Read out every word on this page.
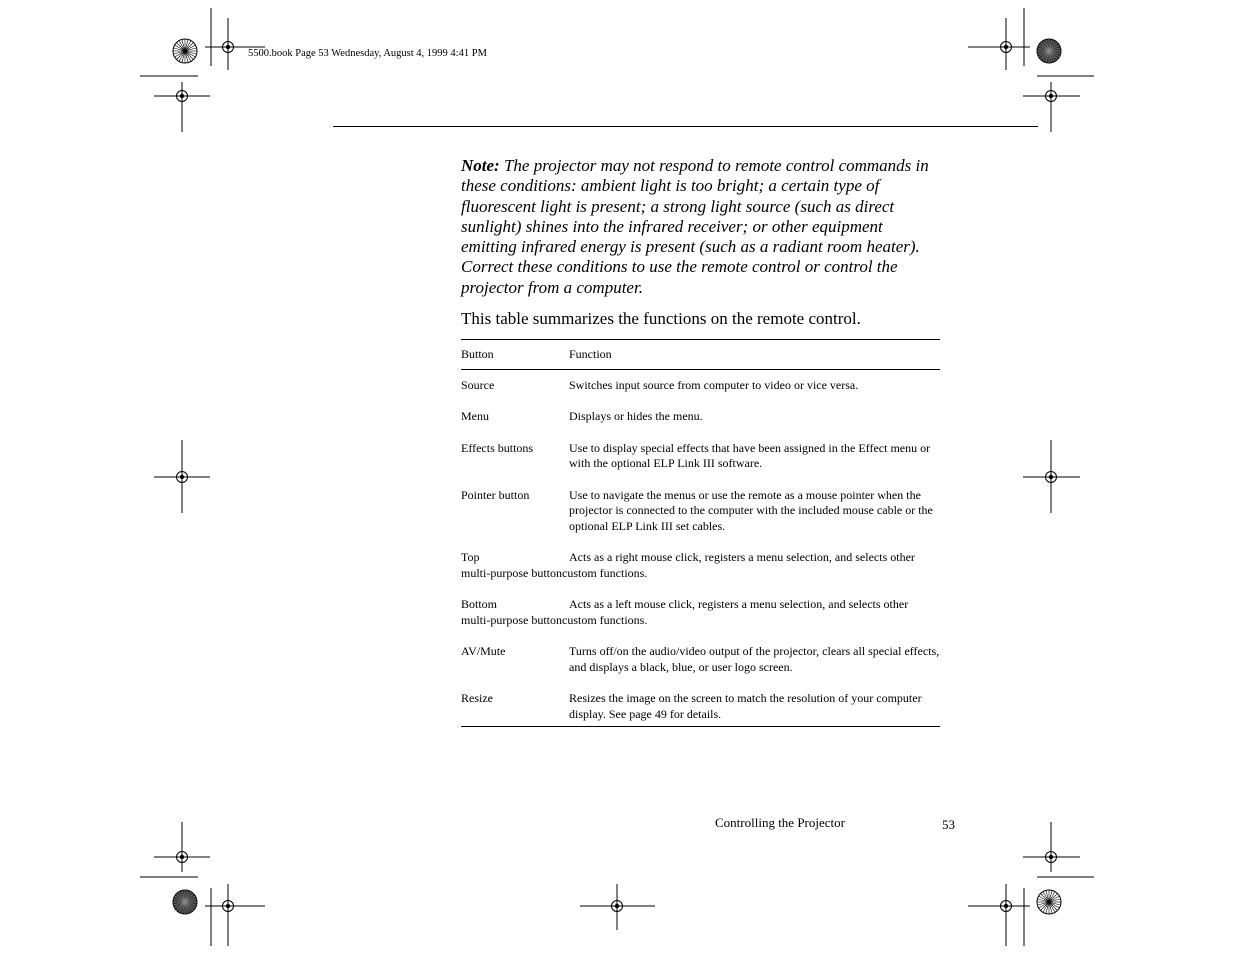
5500.book Page 53 Wednesday, August 4, 1999 4:41 PM
Note: The projector may not respond to remote control commands in these conditions: ambient light is too bright; a certain type of fluorescent light is present; a strong light source (such as direct sunlight) shines into the infrared receiver; or other equipment emitting infrared energy is present (such as a radiant room heater). Correct these conditions to use the remote control or control the projector from a computer.
This table summarizes the functions on the remote control.
Button	Function
Source	Switches input source from computer to video or vice versa.
Menu	Displays or hides the menu.
Effects buttons	Use to display special effects that have been assigned in the Effect menu or with the optional ELP Link III software.
Pointer button	Use to navigate the menus or use the remote as a mouse pointer when the projector is connected to the computer with the included mouse cable or the optional ELP Link III set cables.
Top	Acts as a right mouse click, registers a menu selection, and selects other
multi-purpose buttoncustom functions.	
Bottom	Acts as a left mouse click, registers a menu selection, and selects other
multi-purpose buttoncustom functions.	
AV/Mute	Turns off/on the audio/video output of the projector, clears all special effects, and displays a black, blue, or user logo screen.
Resize	Resizes the image on the screen to match the resolution of your computer display. See page 49 for details.
Controlling the Projector	53
